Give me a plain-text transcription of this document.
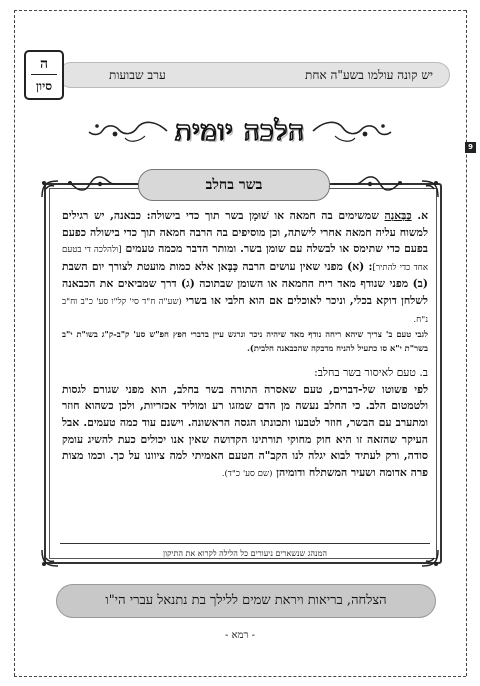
9
יש קונה עולמו בשע"ה אחת
ערב שבועות
ה
סיון
הלכה יומית
בשר בחלב

א. כַּבָּאנָה שמשימים בה חמאה או שׁוּמָן בשר תוך כדי בישולה: כבאנה, יש רגילים למשוח עליה חמאה אחרי לישתה, וכן מוסיפים בה הרבה חמאה תוך כדי בישולה כפעם בפעם כדי שתימס או לבשלה עם שומן בשר. ומותר הדבר מכמה טעמים [ולהלכה די בטעם אחד כדי להתיר]: (א) מפני שאין עושים הרבה כָּבָּאן אלא כמות מועטת לצורך יום השבת (ב) מפני שנודף מאד ריח החמאה או השומן שבתוכה (ג) דרך שמביאים את הכבאנה לשלחן דוקא בכלי, וניכר לאוכלים אם הוא חלבי או בשרי (שע"ה ח"ד סי' קל"ו סע' כ"ב וח"ב נ"ח.

לגבי טעם ב' צריך שיהא ריחה נודף מאד שיהיה ניכר ונרגש עיין בדברי חפץ חפ"ש סע' ק"ב-ק"ג בשו"ת י"ב בשר"ת י"א סו כתעיל להניח מדבקה שהכבאנה חלבית).

ב. טעם לאיסור בשר בחלב:
לפי פשוטו של-דברים, טעם שאסרה התורה בשר בחלב, הוא מפני שגורם לגסות ולטמטום הלב. כי החלב נעשה מן הדם שמזגו רע ומוליד אכזריות, ולכן כשהוא חוזר ומתערב עם הבשר, חוזר לטבעו ותכונתו הגסה הראשונה. וישנם עוד כמה טעמים. אבל העיקר שהזאה זו היא חוק מחוקי תורתינו הקדושה שאין אנו יכולים כעת להשיג עומק סודה, ורק לעתיד לבוא יגלה לנו הקב"ה הטעם האמיתי למה ציוונו על כך. וכמו מצות פרה אדומה ושעיר המשתלח ודומיהן (שם סע' כ"ד).

המנהג שנשארים ניעורים כל הלילה לקרוא את התיקון
הצלחה, בריאות ויראת שמים ללילך בת נתנאל עברי הי"ו
- רמא -
